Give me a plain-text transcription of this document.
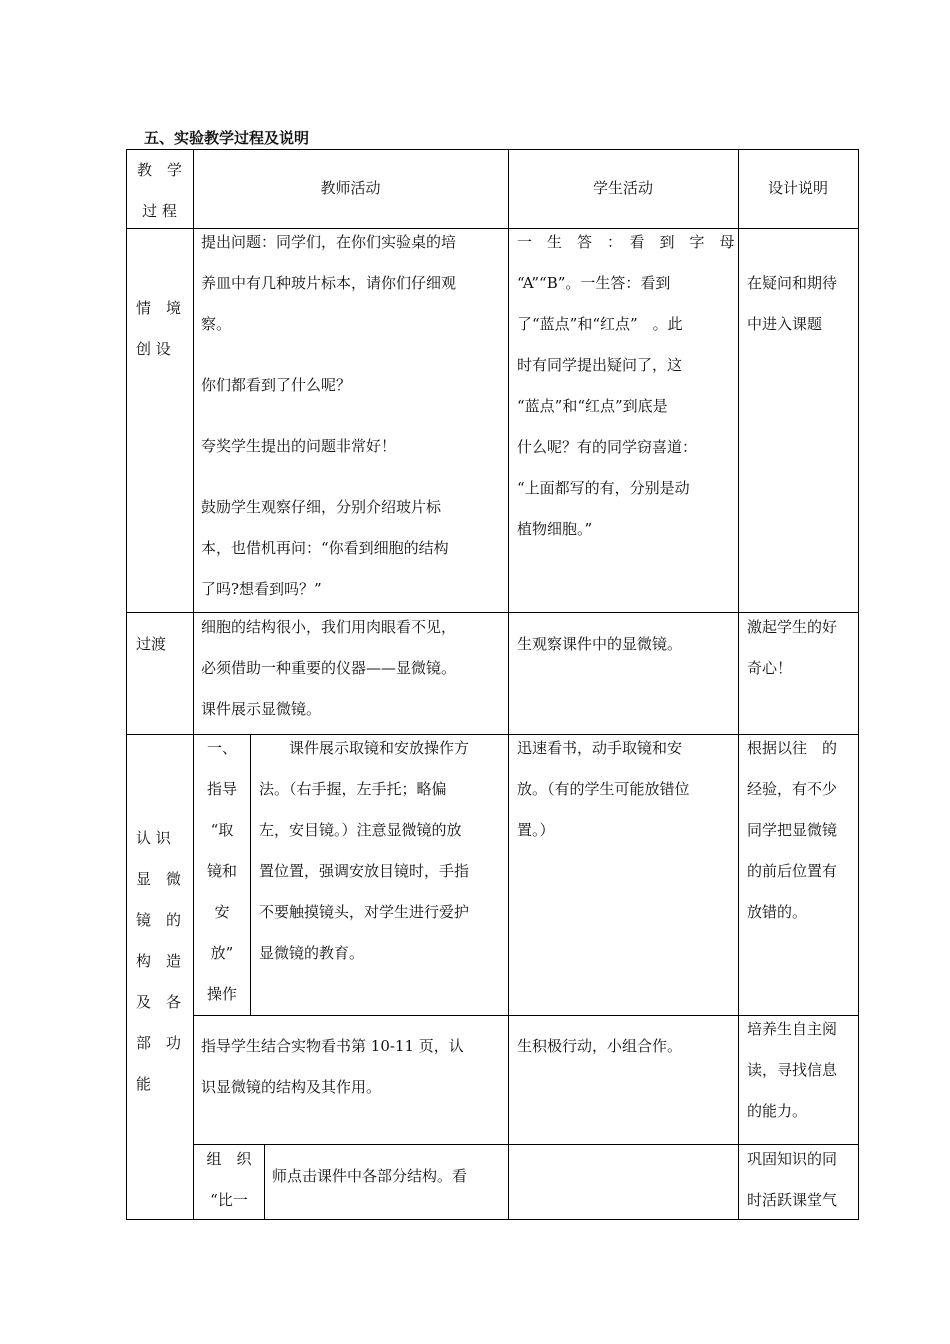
五、实验教学过程及说明
教　学
过 程
教师活动	学生活动	设计说明
情　境
创 设
提出问题：同学们，在你们实验桌的培
养皿中有几种玻片标本，请你们仔细观
察。
你们都看到了什么呢？
夸奖学生提出的问题非常好！
鼓励学生观察仔细，分别介绍玻片标
本，也借机再问：“你看到细胞的结构
了吗?想看到吗？”
一　生　答　：　看　到　字　母
“A”“B”。一生答：看到
了“蓝点”和“红点”　。此
时有同学提出疑问了，这
“蓝点”和“红点”到底是
什么呢？有的同学窃喜道：
“上面都写的有，分别是动
植物细胞。”
在疑问和期待
中进入课题
过渡
细胞的结构很小，我们用肉眼看不见，
必须借助一种重要的仪器——显微镜。
课件展示显微镜。
生观察课件中的显微镜。
激起学生的好
奇心！
认 识
显　微
镜　的
构　造
及　各
部　功
能
一、
指导
“取
镜和
安
放”
操作
课件展示取镜和安放操作方
法。（右手握，左手托；略偏
左，安目镜。）注意显微镜的放
置位置，强调安放目镜时，手指
不要触摸镜头，对学生进行爱护
显微镜的教育。
迅速看书，动手取镜和安
放。（有的学生可能放错位
置。）
根据以往　的
经验，有不少
同学把显微镜
的前后位置有
放错的。
指导学生结合实物看书第 10-11 页，认
识显微镜的结构及其作用。
生积极行动，小组合作。
培养生自主阅
读，寻找信息
的能力。
组　织
“比一
师点击课件中各部分结构。看
巩固知识的同
时活跃课堂气
